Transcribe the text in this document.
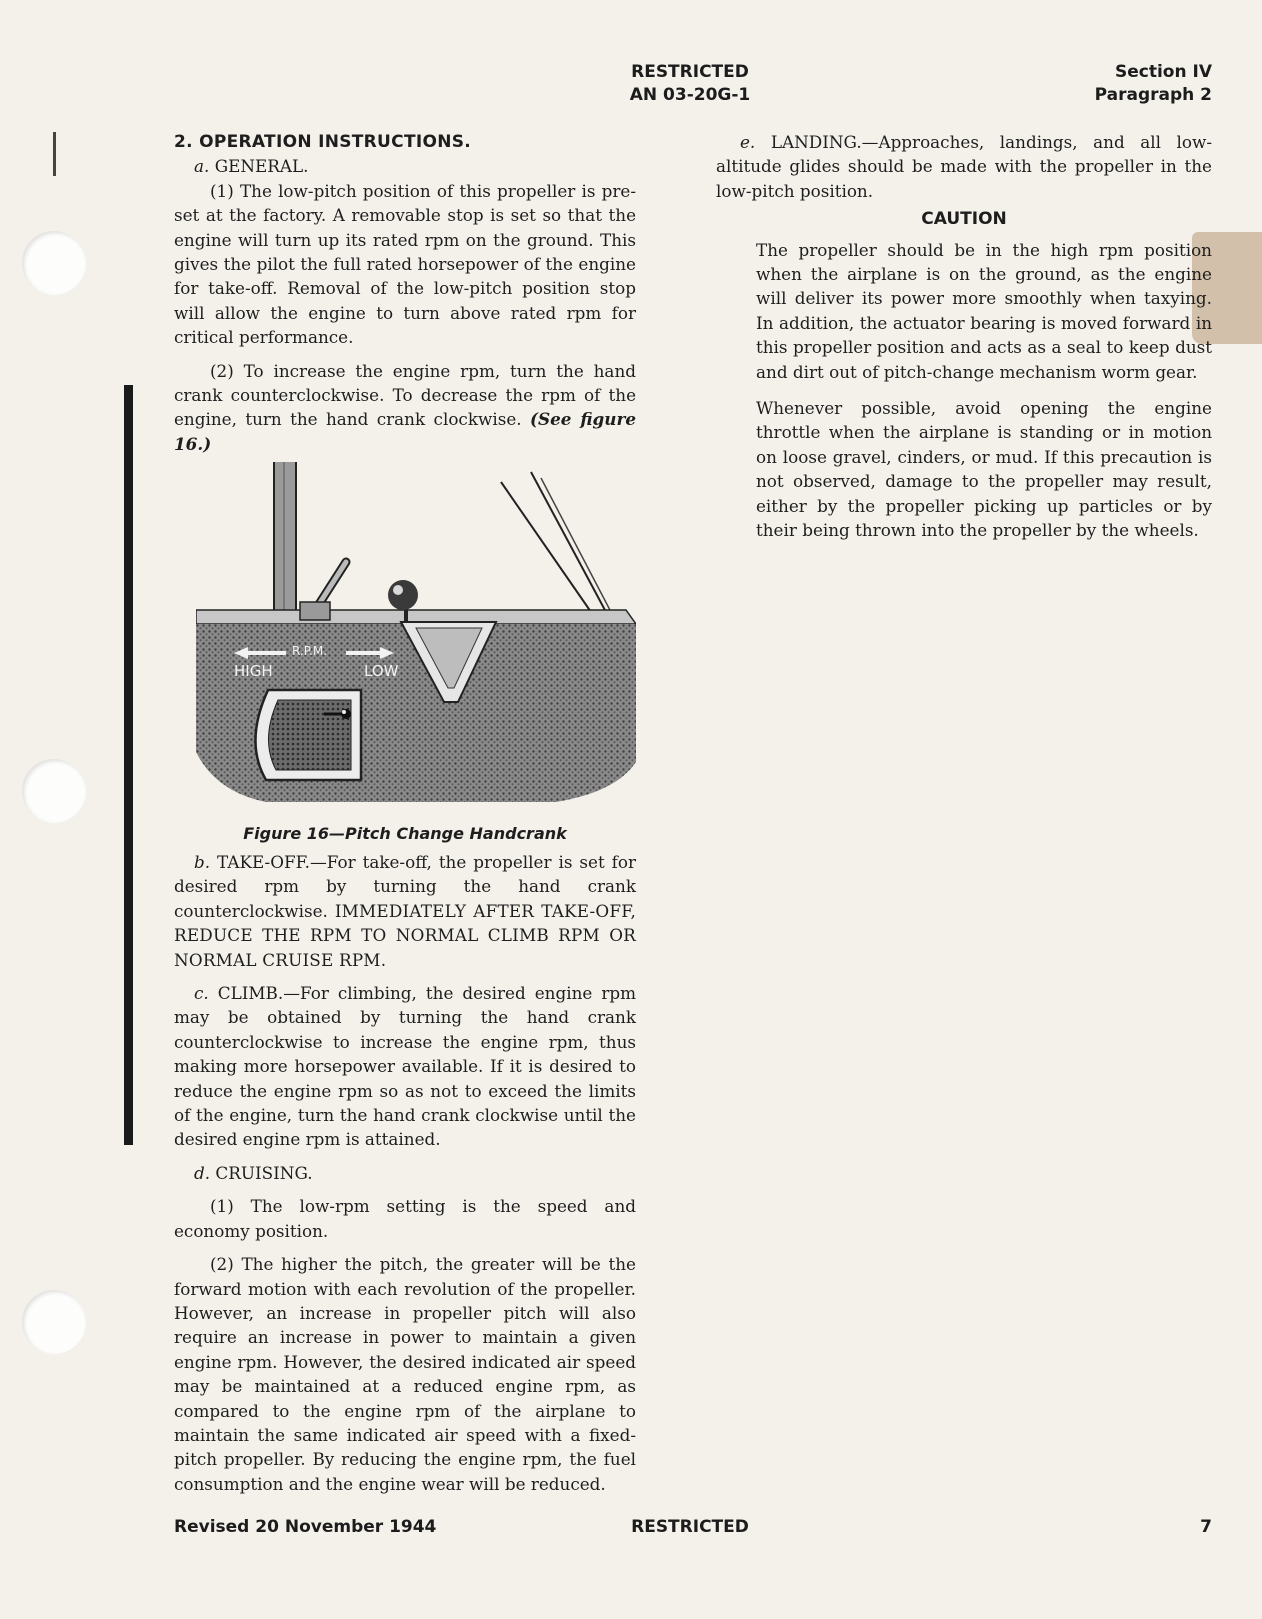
RESTRICTED
AN 03-20G-1
Section IV
Paragraph 2

2. OPERATION INSTRUCTIONS.

a. GENERAL.

(1) The low-pitch position of this propeller is pre-set at the factory. A removable stop is set so that the engine will turn up its rated rpm on the ground. This gives the pilot the full rated horsepower of the engine for take-off. Removal of the low-pitch position stop will allow the engine to turn above rated rpm for critical performance.

(2) To increase the engine rpm, turn the hand crank counterclockwise. To decrease the rpm of the engine, turn the hand crank clockwise. (See figure 16.)

R.P.M.
HIGH	LOW
Figure 16—Pitch Change Handcrank

b. TAKE-OFF.—For take-off, the propeller is set for desired rpm by turning the hand crank counterclockwise. IMMEDIATELY AFTER TAKE-OFF, REDUCE THE RPM TO NORMAL CLIMB RPM OR NORMAL CRUISE RPM.

c. CLIMB.—For climbing, the desired engine rpm may be obtained by turning the hand crank counterclockwise to increase the engine rpm, thus making more horsepower available. If it is desired to reduce the engine rpm so as not to exceed the limits of the engine, turn the hand crank clockwise until the desired engine rpm is attained.

d. CRUISING.

(1) The low-rpm setting is the speed and economy position.

(2) The higher the pitch, the greater will be the forward motion with each revolution of the propeller. However, an increase in propeller pitch will also require an increase in power to maintain a given engine rpm. However, the desired indicated air speed may be maintained at a reduced engine rpm, as compared to the engine rpm of the airplane to maintain the same indicated air speed with a fixed-pitch propeller. By reducing the engine rpm, the fuel consumption and the engine wear will be reduced.

e. LANDING.—Approaches, landings, and all low-altitude glides should be made with the propeller in the low-pitch position.

CAUTION

The propeller should be in the high rpm position when the airplane is on the ground, as the engine will deliver its power more smoothly when taxying. In addition, the actuator bearing is moved forward in this propeller position and acts as a seal to keep dust and dirt out of pitch-change mechanism worm gear.

Whenever possible, avoid opening the engine throttle when the airplane is standing or in motion on loose gravel, cinders, or mud. If this precaution is not observed, damage to the propeller may result, either by the propeller picking up particles or by their being thrown into the propeller by the wheels.

Revised 20 November 1944	RESTRICTED	7
